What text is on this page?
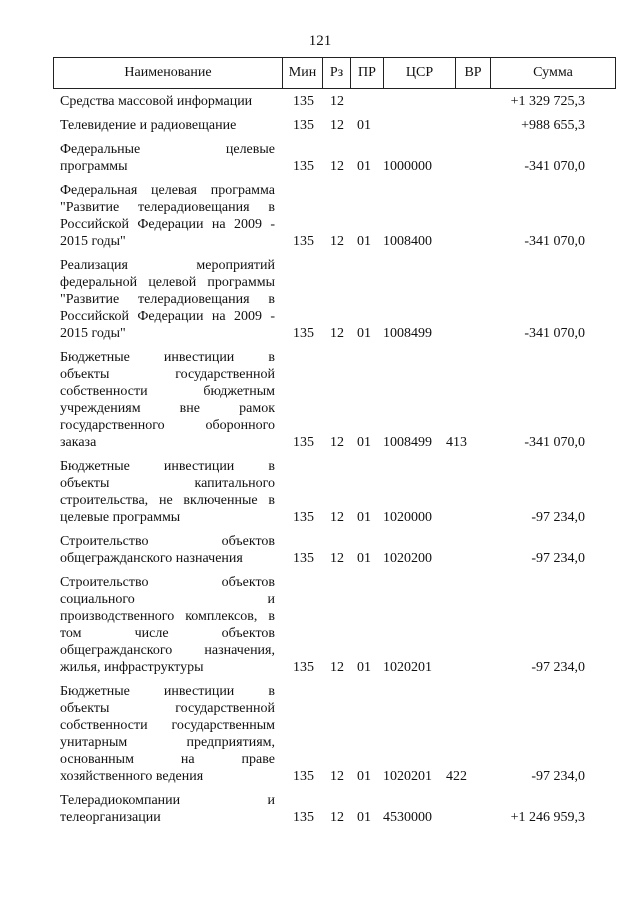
121
Наименование	Мин Рз	ПР	ЦСР	ВР	Сумма
Средства массовой информации	135 12	+1 329 725,3
Телевидение и радиовещание	135 12 01	+988 655,3
Федеральные целевые
программы	135 12 01 1000000	-341 070,0
Федеральная целевая программа
"Развитие телерадиовещания в
Российской Федерации на 2009 -
2015 годы"	135 12 01 1008400	-341 070,0
Реализация мероприятий
федеральной целевой программы
"Развитие телерадиовещания в
Российской Федерации на 2009 -
2015 годы"	135 12 01 1008499	-341 070,0
Бюджетные инвестиции в
объекты государственной
собственности бюджетным
учреждениям вне рамок
государственного оборонного
заказа	135 12 01 1008499 413	-341 070,0
Бюджетные инвестиции в
объекты капитального
строительства, не включенные в
целевые программы	135 12 01 1020000	-97 234,0
Строительство объектов
общегражданского назначения	135 12 01 1020200	-97 234,0
Строительство объектов
социального и
производственного комплексов, в
том числе объектов
общегражданского назначения,
жилья, инфраструктуры	135 12 01 1020201	-97 234,0
Бюджетные инвестиции в
объекты государственной
собственности государственным
унитарным предприятиям,
основанным на праве
хозяйственного ведения	135 12 01 1020201 422	-97 234,0
Телерадиокомпании и
телеорганизации	135 12 01 4530000	+1 246 959,3
